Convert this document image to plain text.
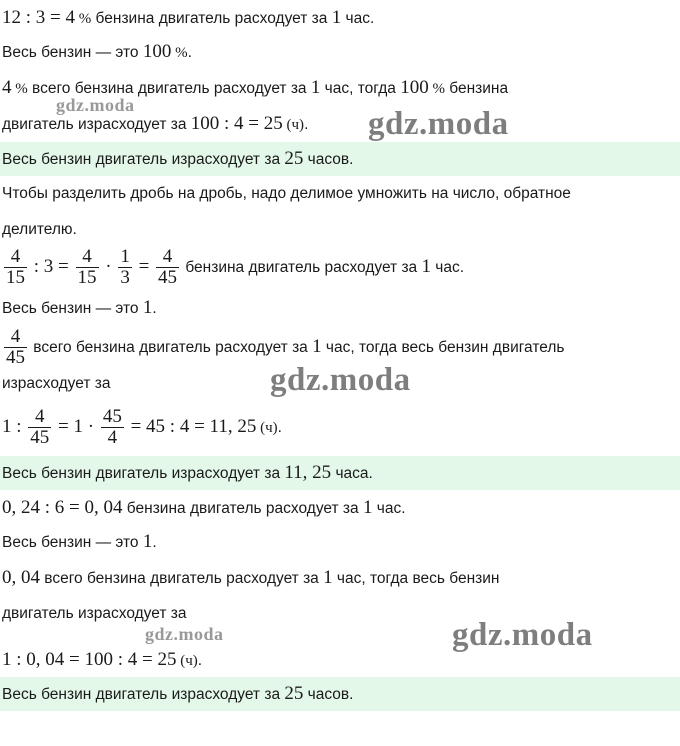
12 : 3 = 4 % бензина двигатель расходует за 1 час.
Весь бензин — это 100 %.
4 % всего бензина двигатель расходует за 1 час, тогда 100 % бензина
двигатель израсходует за 100 : 4 = 25 (ч).
Весь бензин двигатель израсходует за 25 часов.
Чтобы разделить дробь на дробь, надо делимое умножить на число, обратное
делителю.
$\frac{4}{15}$ : $3 = \frac{4}{15} \cdot \frac{1}{3} = \frac{4}{45}$ бензина двигатель расходует за 1 час.
Весь бензин — это 1.
$\frac{4}{45}$ всего бензина двигатель расходует за 1 час, тогда весь бензин двигатель
израсходует за
1 : $\frac{4}{45} = 1 \cdot \frac{45}{4} = 45$ : 4 = 11, 25 (ч).
Весь бензин двигатель израсходует за 11, 25 часа.
0, 24 : 6 = 0, 04 бензина двигатель расходует за 1 час.
Весь бензин — это 1.
0, 04 всего бензина двигатель расходует за 1 час, тогда весь бензин
двигатель израсходует за
1 : 0, 04 = 100 : 4 = 25 (ч).
Весь бензин двигатель израсходует за 25 часов.
gdz.moda
gdz.moda
gdz.moda
gdz.moda	gdz.moda
